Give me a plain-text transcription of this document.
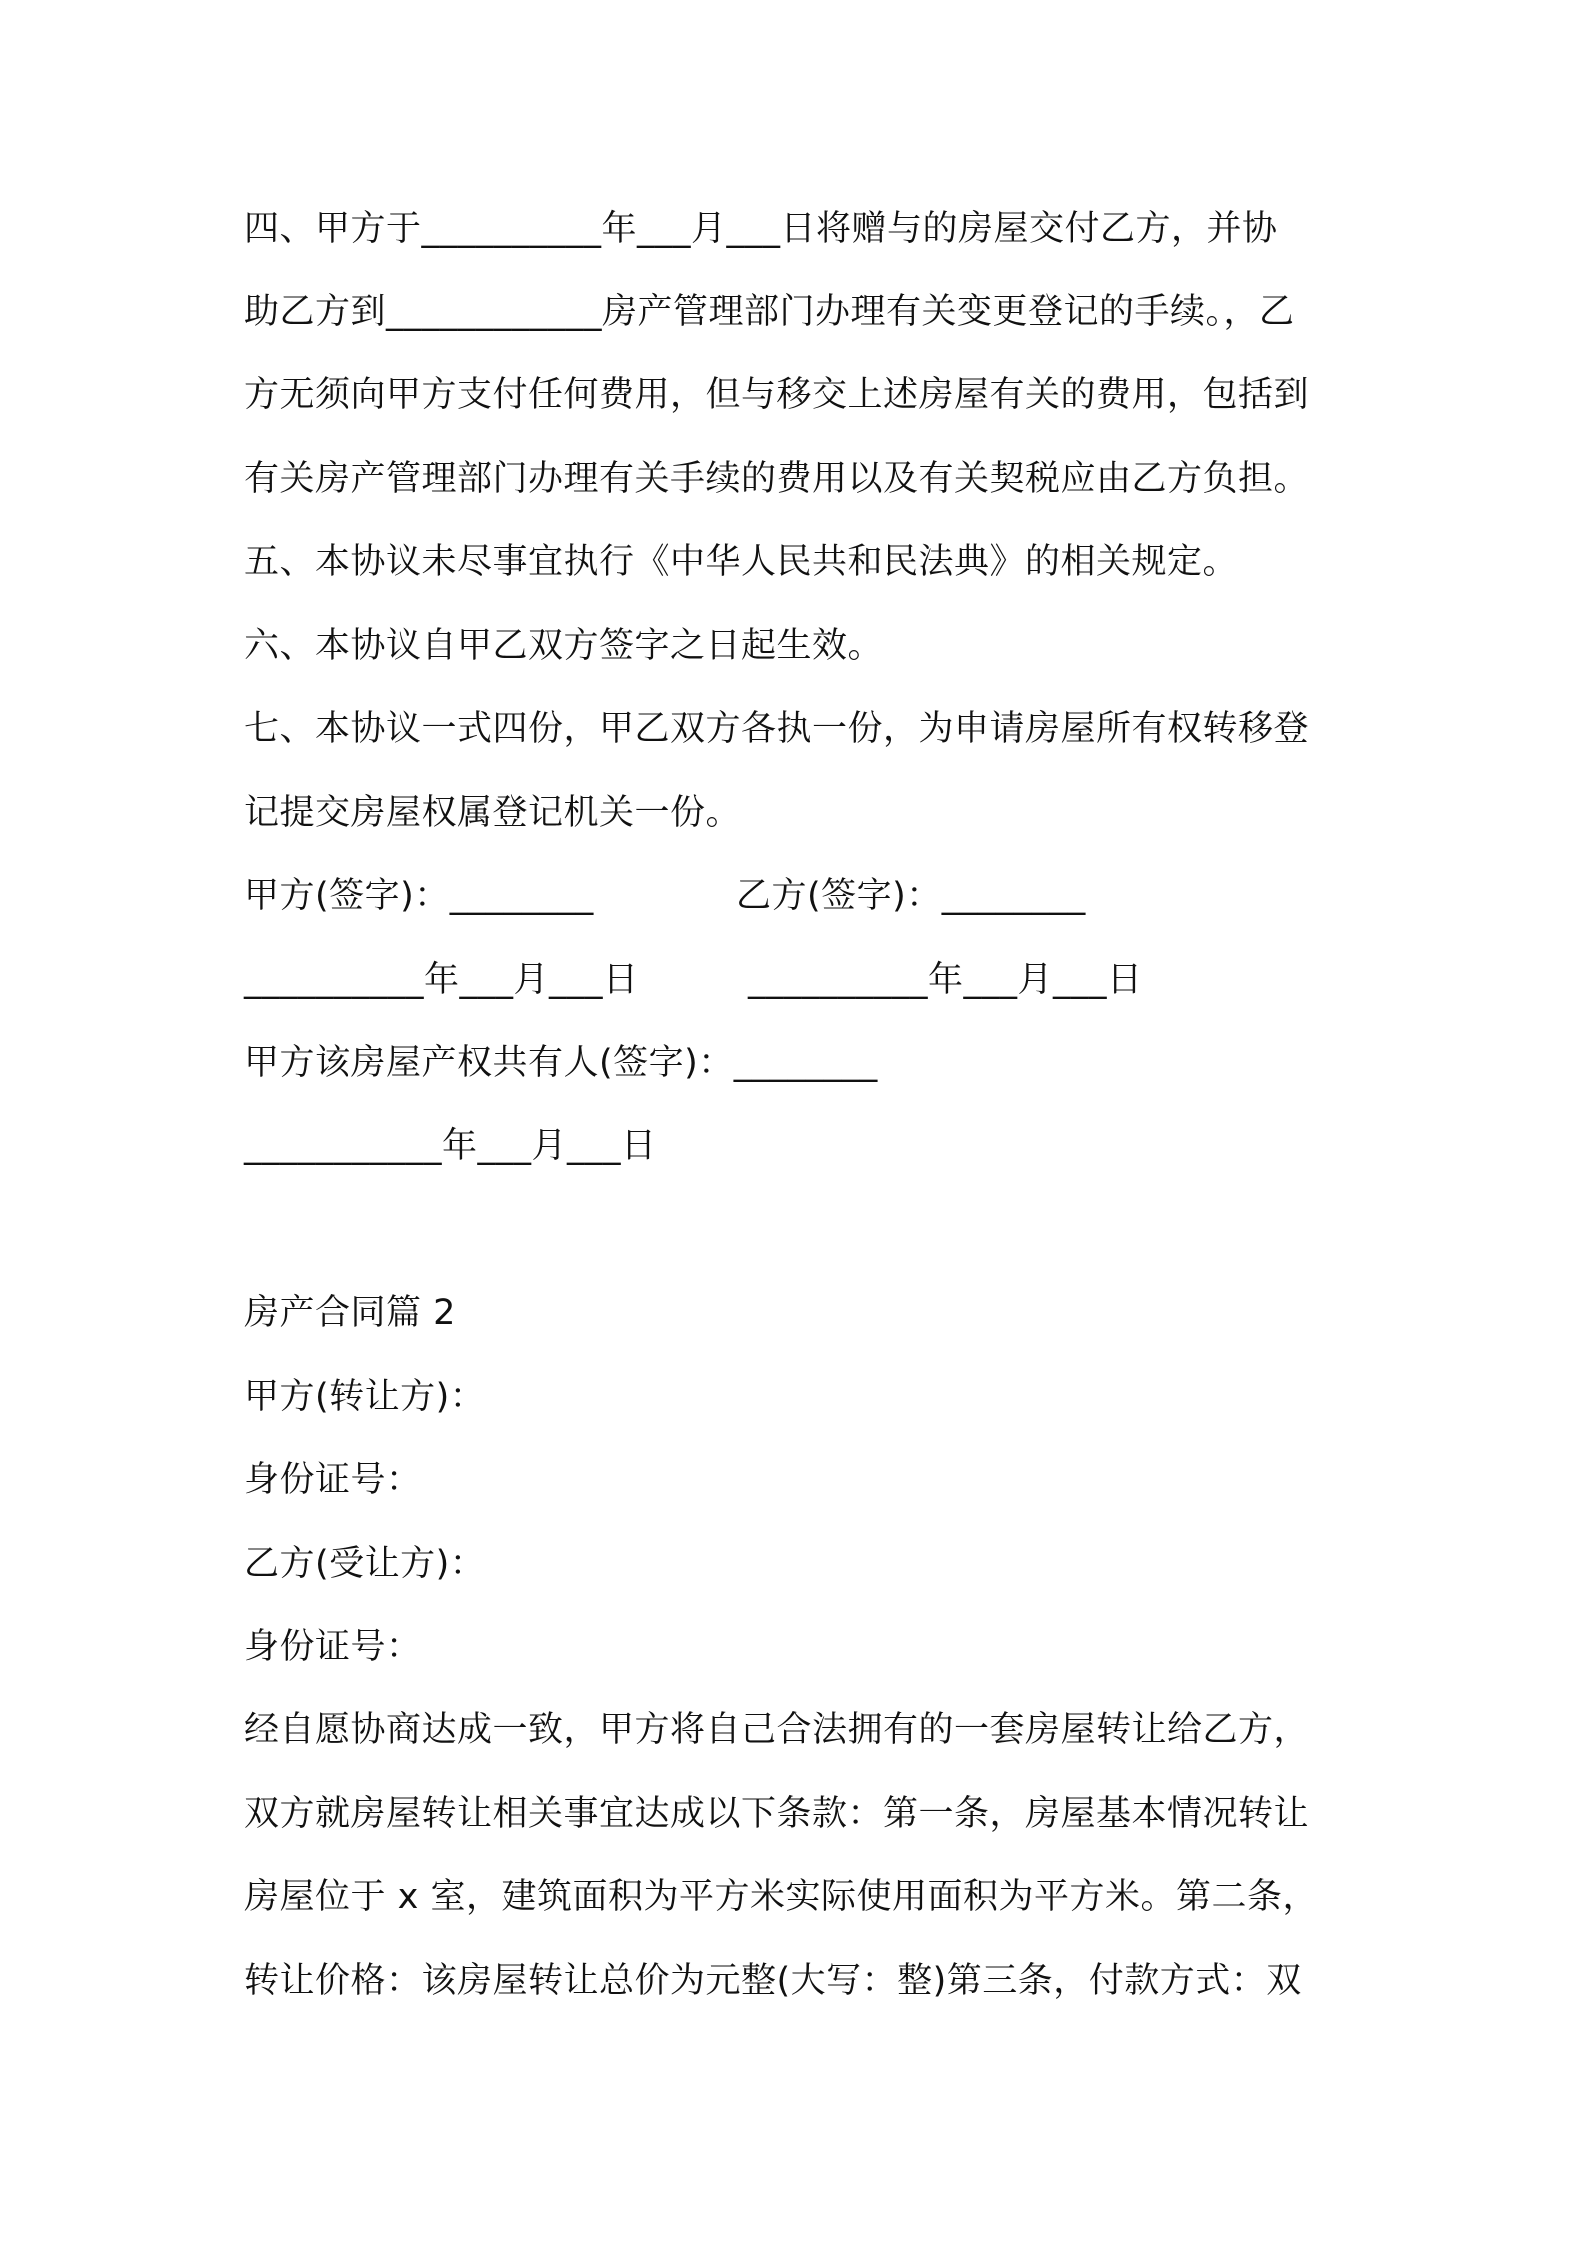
四、甲方于__________年___月___日将赠与的房屋交付乙方，并协
助乙方到____________房产管理部门办理有关变更登记的手续。，乙
方无须向甲方支付任何费用，但与移交上述房屋有关的费用，包括到
有关房产管理部门办理有关手续的费用以及有关契税应由乙方负担。
五、本协议未尽事宜执行《中华人民共和民法典》的相关规定。
六、本协议自甲乙双方签字之日起生效。
七、本协议一式四份，甲乙双方各执一份，为申请房屋所有权转移登
记提交房屋权属登记机关一份。
甲方(签字)：________	乙方(签字)：________
__________年___月___日	__________年___月___日
甲方该房屋产权共有人(签字)：________
___________年___月___日
房产合同篇 2
甲方(转让方)：
身份证号：
乙方(受让方)：
身份证号：
经自愿协商达成一致，甲方将自己合法拥有的一套房屋转让给乙方，
双方就房屋转让相关事宜达成以下条款：第一条，房屋基本情况转让
房屋位于 x 室，建筑面积为平方米实际使用面积为平方米。第二条，
转让价格：该房屋转让总价为元整(大写：整)第三条，付款方式：双
